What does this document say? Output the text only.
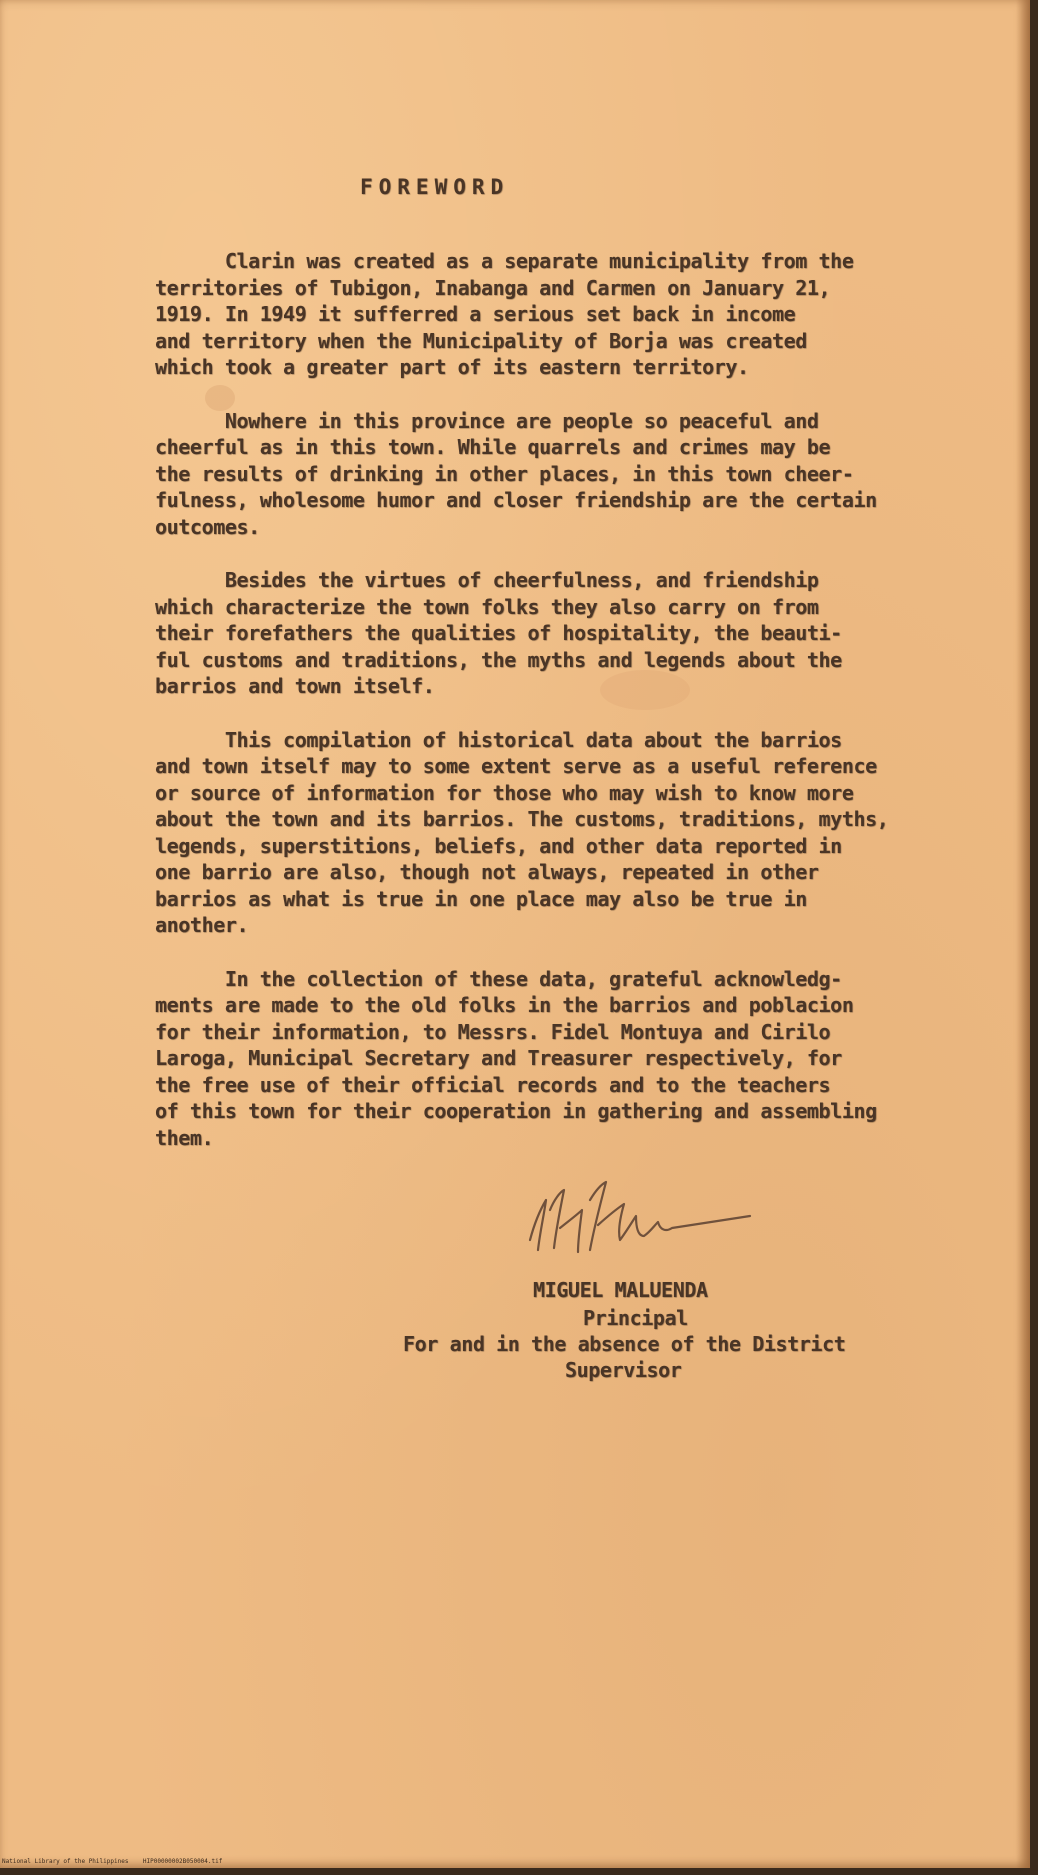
FOREWORD
Clarin was created as a separate municipality from the
territories of Tubigon, Inabanga and Carmen on January 21,
1919. In 1949 it sufferred a serious set back in income
and territory when the Municipality of Borja was created
which took a greater part of its eastern territory.
Nowhere in this province are people so peaceful and
cheerful as in this town. While quarrels and crimes may be
the results of drinking in other places, in this town cheer-
fulness, wholesome humor and closer friendship are the certain
outcomes.
Besides the virtues of cheerfulness, and friendship
which characterize the town folks they also carry on from
their forefathers the qualities of hospitality, the beauti-
ful customs and traditions, the myths and legends about the
barrios and town itself.
This compilation of historical data about the barrios
and town itself may to some extent serve as a useful reference
or source of information for those who may wish to know more
about the town and its barrios. The customs, traditions, myths,
legends, superstitions, beliefs, and other data reported in
one barrio are also, though not always, repeated in other
barrios as what is true in one place may also be true in
another.
In the collection of these data, grateful acknowledg-
ments are made to the old folks in the barrios and poblacion
for their information, to Messrs. Fidel Montuya and Cirilo
Laroga, Municipal Secretary and Treasurer respectively, for
the free use of their official records and to the teachers
of this town for their cooperation in gathering and assembling
them.
MIGUEL MALUENDA
Principal
For and in the absence of the District
Supervisor
National Library of the Philippines    HIP00000002B050004.tif
